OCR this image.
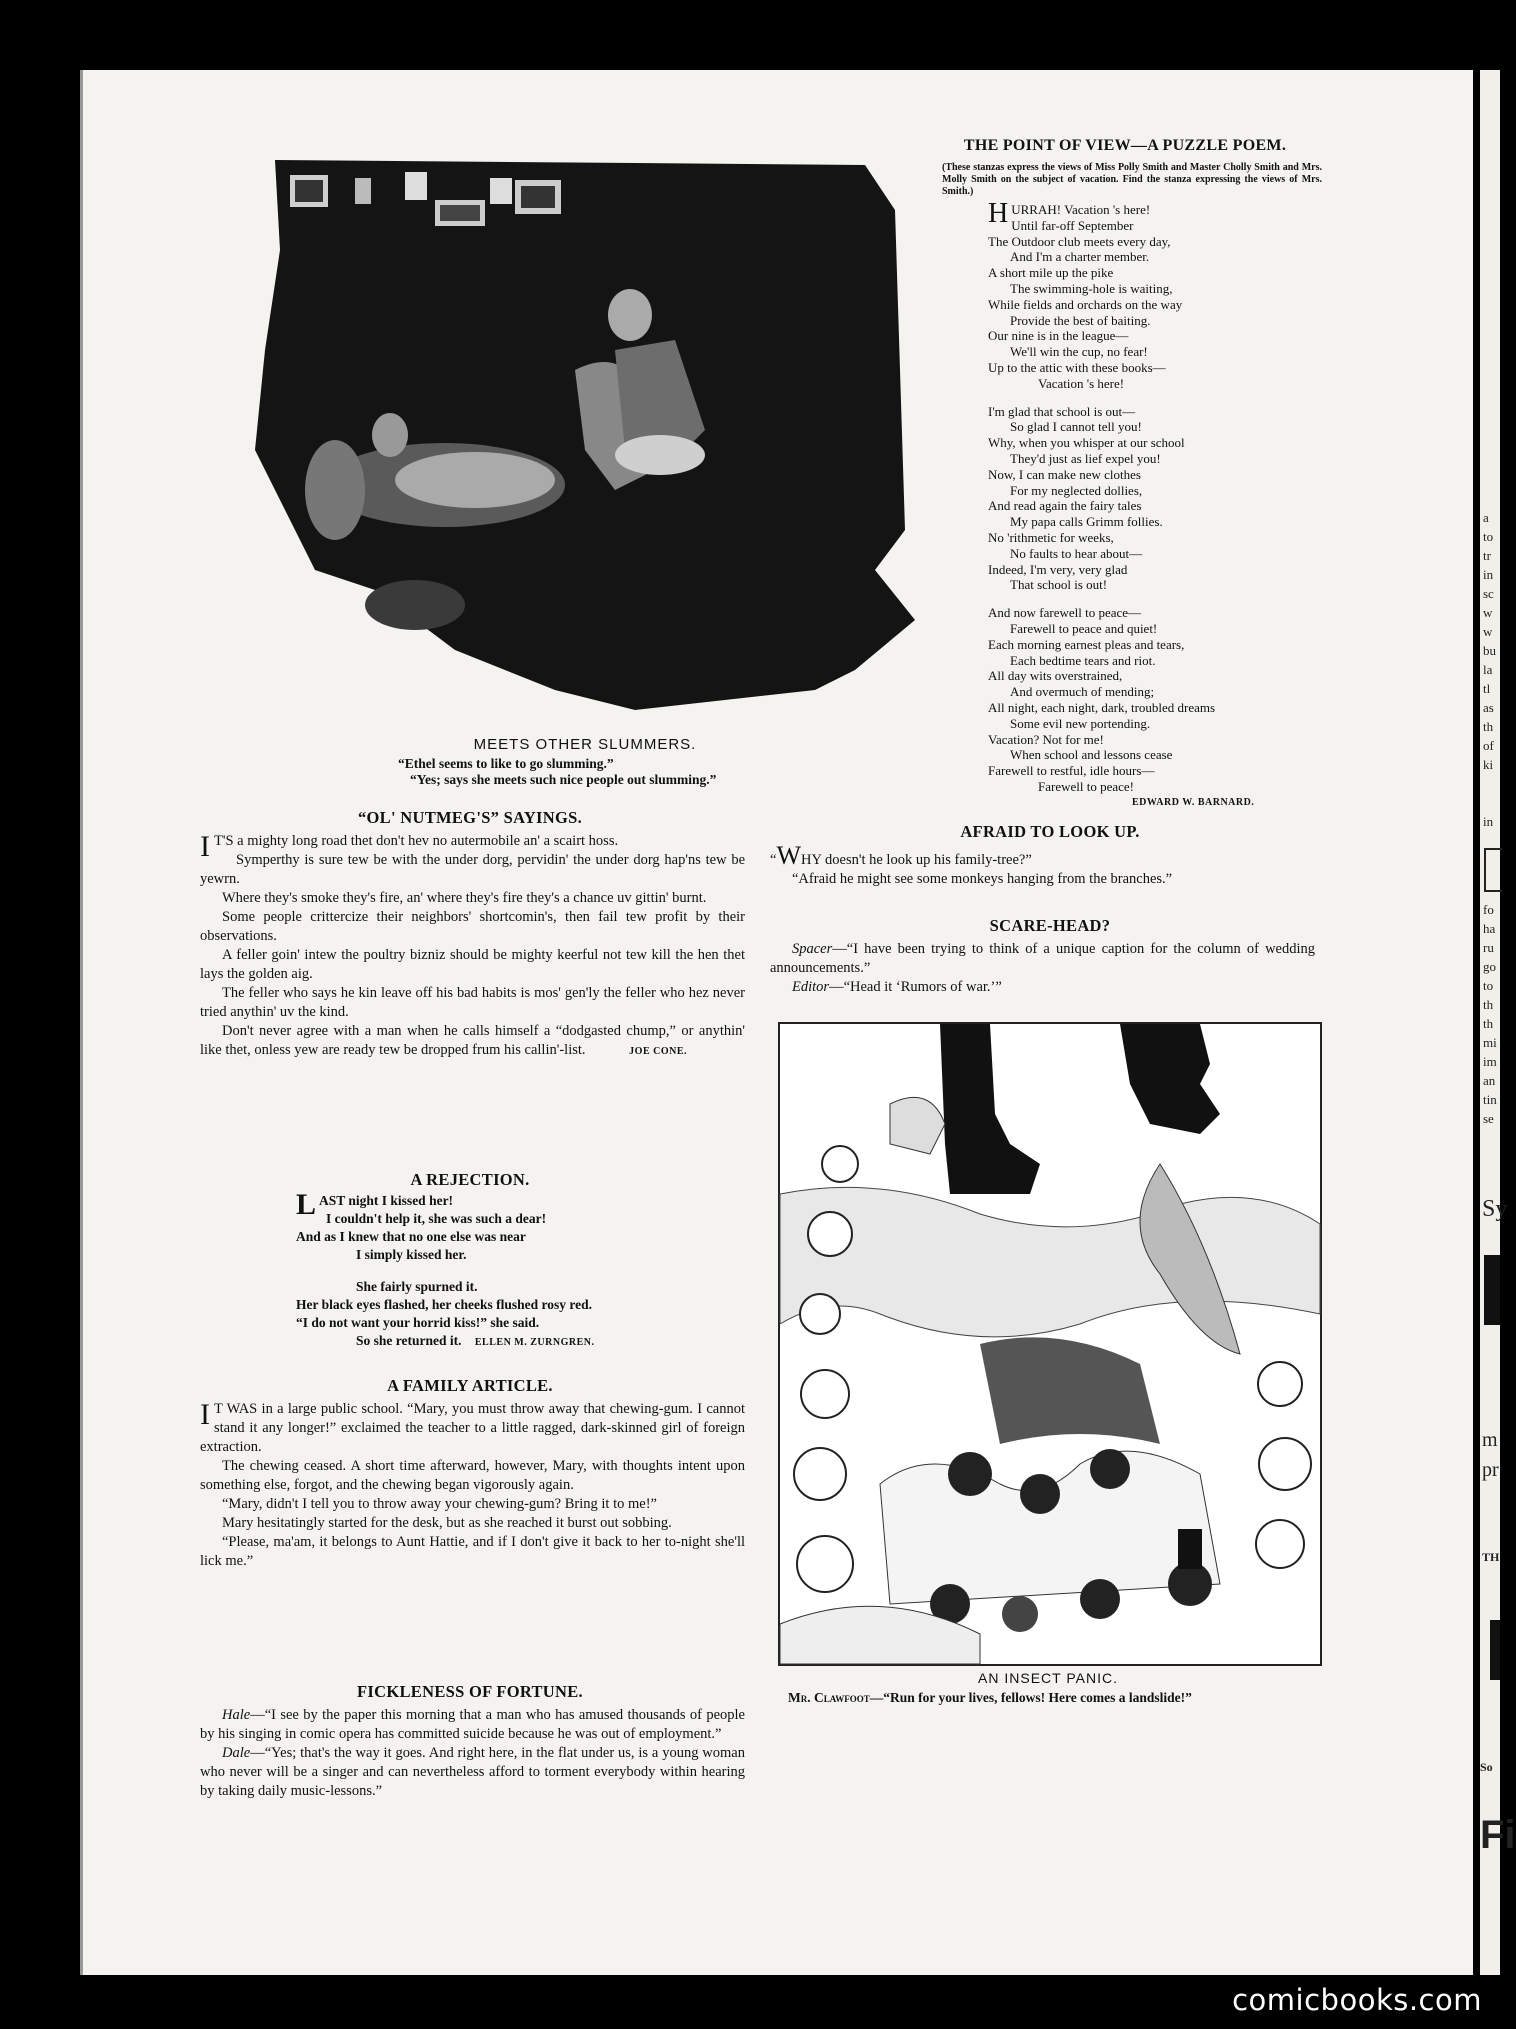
MEETS OTHER SLUMMERS.
“Ethel seems to like to go slumming.”
“Yes; says she meets such nice people out slumming.”
THE POINT OF VIEW—A PUZZLE POEM.
(These stanzas express the views of Miss Polly Smith and Master Cholly Smith and Mrs. Molly Smith on the subject of vacation. Find the stanza expressing the views of Mrs. Smith.)
HURRAH! Vacation 's here!
Until far-off September
The Outdoor club meets every day,
And I'm a charter member.
A short mile up the pike
The swimming-hole is waiting,
While fields and orchards on the way
Provide the best of baiting.
Our nine is in the league—
We'll win the cup, no fear!
Up to the attic with these books—
Vacation 's here!
I'm glad that school is out—
So glad I cannot tell you!
Why, when you whisper at our school
They'd just as lief expel you!
Now, I can make new clothes
For my neglected dollies,
And read again the fairy tales
My papa calls Grimm follies.
No 'rithmetic for weeks,
No faults to hear about—
Indeed, I'm very, very glad
That school is out!
And now farewell to peace—
Farewell to peace and quiet!
Each morning earnest pleas and tears,
Each bedtime tears and riot.
All day wits overstrained,
And overmuch of mending;
All night, each night, dark, troubled dreams
Some evil new portending.
Vacation? Not for me!
When school and lessons cease
Farewell to restful, idle hours—
Farewell to peace!
EDWARD W. BARNARD.
“OL' NUTMEG'S” SAYINGS.

I T'S a mighty long road thet don't hev no autermobile an' a scairt hoss.

Symperthy is sure tew be with the under dorg, pervidin' the under dorg hap'ns tew be yewrn.

Where they's smoke they's fire, an' where they's fire they's a chance uv gittin' burnt.

Some people crittercize their neighbors' shortcomin's, then fail tew profit by their observations.

A feller goin' intew the poultry bizniz should be mighty keerful not tew kill the hen thet lays the golden aig.

The feller who says he kin leave off his bad habits is mos' gen'ly the feller who hez never tried anythin' uv the kind.

Don't never agree with a man when he calls himself a “dodgasted chump,” or anythin' like thet, onless yew are ready tew be dropped frum his callin'-list.	JOE CONE.

A REJECTION.
LAST night I kissed her!
I couldn't help it, she was such a dear!
And as I knew that no one else was near
I simply kissed her.
She fairly spurned it.
Her black eyes flashed, her cheeks flushed rosy red.
“I do not want your horrid kiss!” she said.
So she returned it. ELLEN M. ZURNGREN.
A FAMILY ARTICLE.

I T WAS in a large public school. “Mary, you must throw away that chewing-gum. I cannot stand it any longer!” exclaimed the teacher to a little ragged, dark-skinned girl of foreign extraction.

The chewing ceased. A short time afterward, however, Mary, with thoughts intent upon something else, forgot, and the chewing began vigorously again.

“Mary, didn't I tell you to throw away your chewing-gum? Bring it to me!”

Mary hesitatingly started for the desk, but as she reached it burst out sobbing.

“Please, ma'am, it belongs to Aunt Hattie, and if I don't give it back to her to-night she'll lick me.”

FICKLENESS OF FORTUNE.

Hale—“I see by the paper this morning that a man who has amused thousands of people by his singing in comic opera has committed suicide because he was out of employment.”

Dale—“Yes; that's the way it goes. And right here, in the flat under us, is a young woman who never will be a singer and can nevertheless afford to torment everybody within hearing by taking daily music-lessons.”

AFRAID TO LOOK UP.

“WHY doesn't he look up his family-tree?”

“Afraid he might see some monkeys hanging from the branches.”

SCARE-HEAD?

Spacer—“I have been trying to think of a unique caption for the column of wedding announcements.”

Editor—“Head it ‘Rumors of war.’”

AN INSECT PANIC.
Mr. Clawfoot—“Run for your lives, fellows! Here comes a landslide!”
a
to
tr
in
sc
w
w
bu
la
tl
as
th
of
ki
in
fo
ha
ru
go
to
th
th
mi
im
an
tin
se
Sy
m
pr
TH
So
Fi
comicbooks.com
